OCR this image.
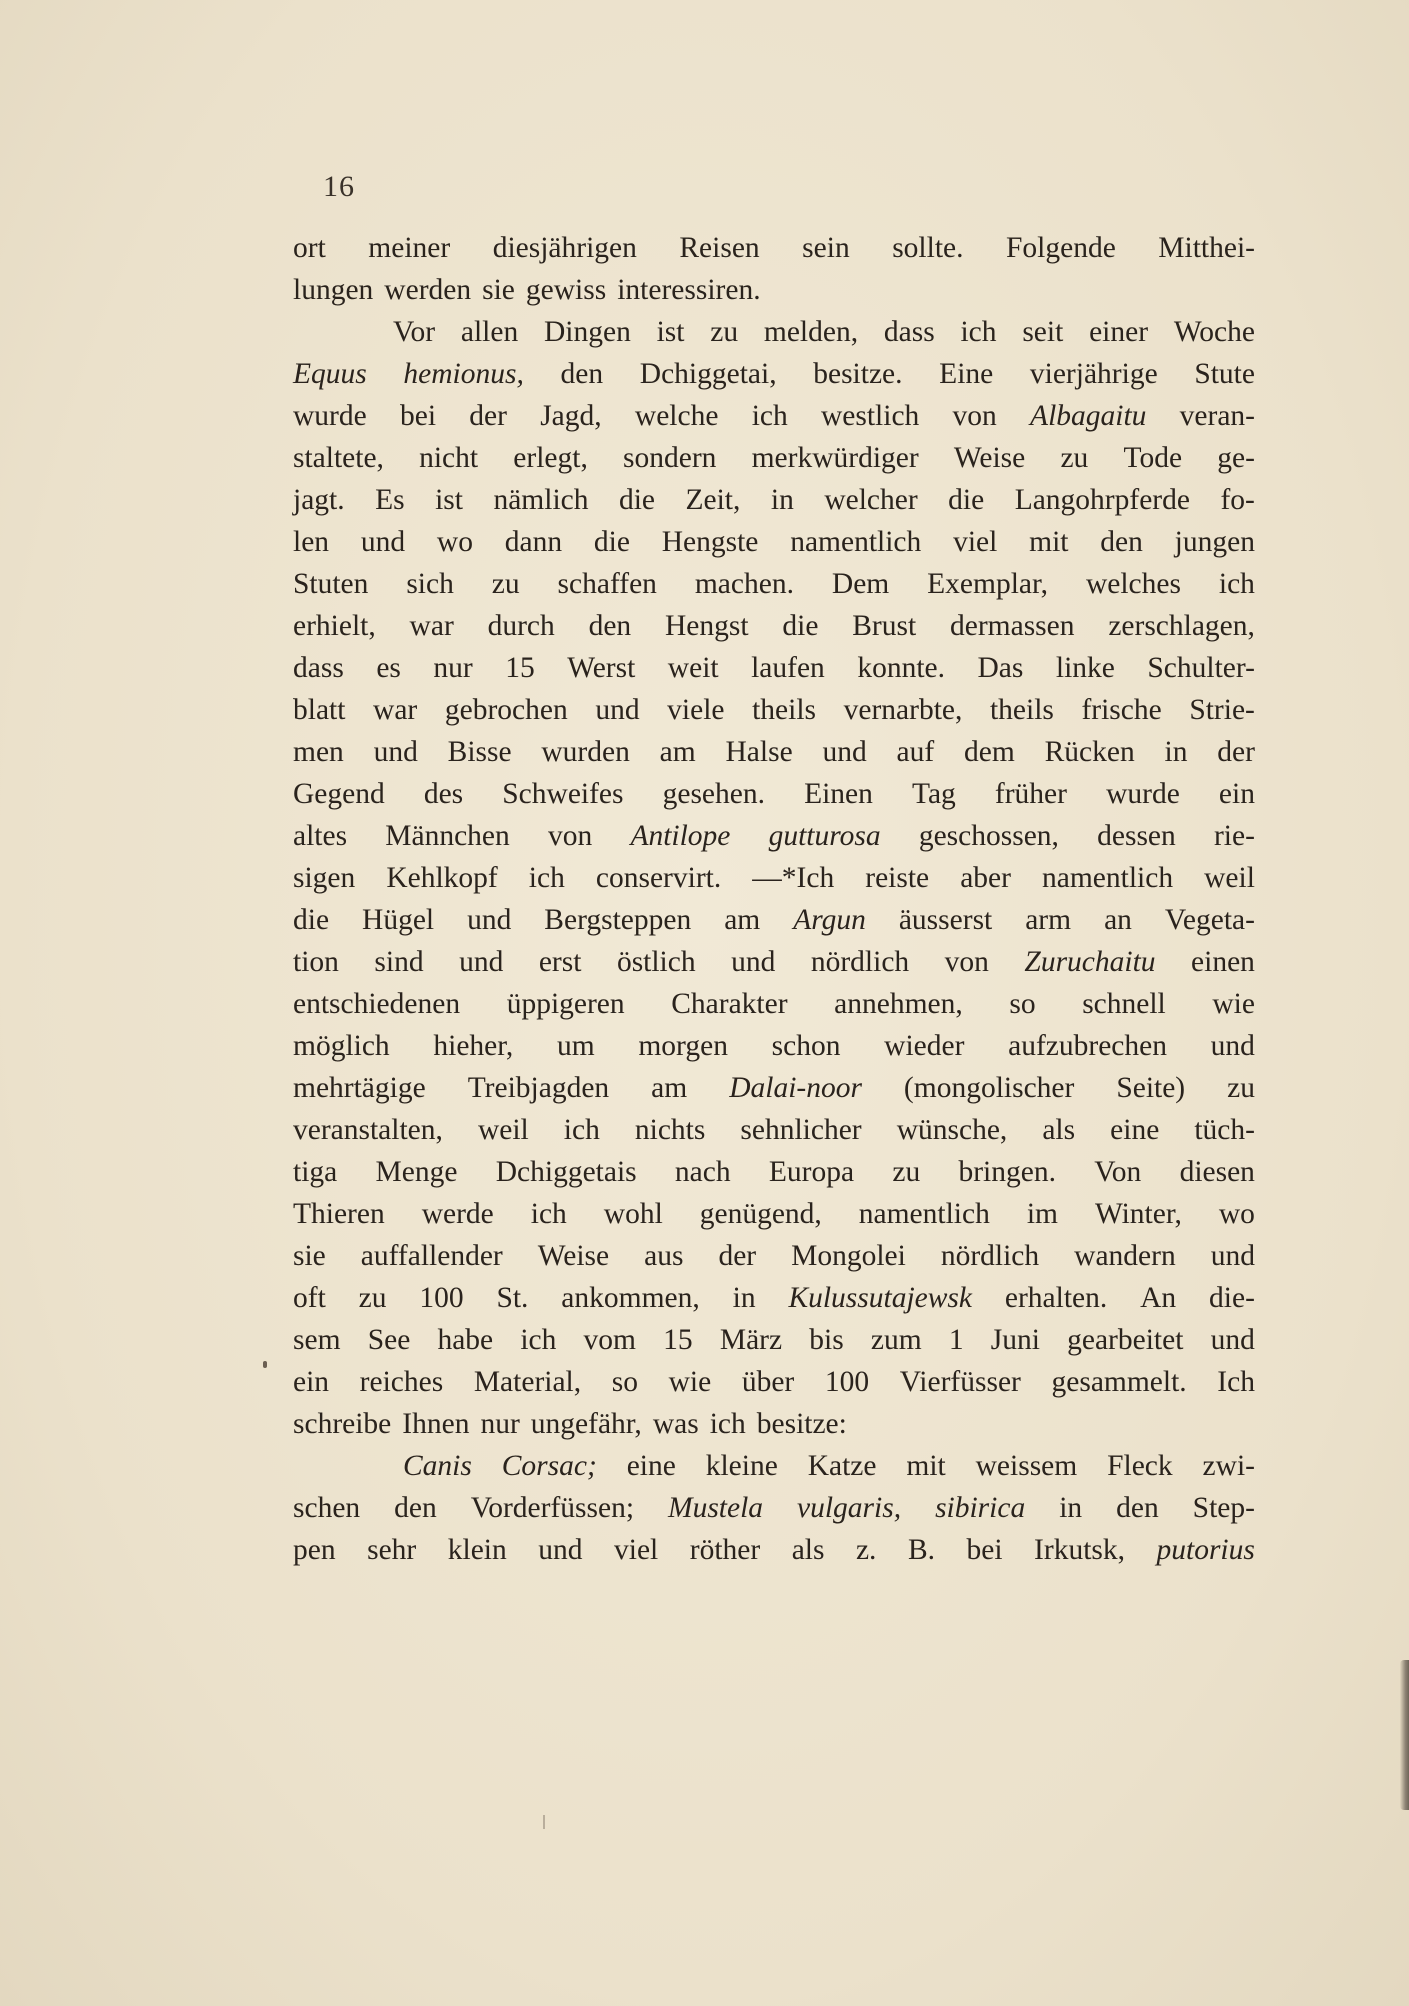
16
ort meiner diesjährigen Reisen sein sollte. Folgende Mitthei-
lungen werden sie gewiss interessiren.
Vor allen Dingen ist zu melden, dass ich seit einer Woche
Equus hemionus, den Dchiggetai, besitze. Eine vierjährige Stute
wurde bei der Jagd, welche ich westlich von Albagaitu veran-
staltete, nicht erlegt, sondern merkwürdiger Weise zu Tode ge-
jagt. Es ist nämlich die Zeit, in welcher die Langohrpferde fo-
len und wo dann die Hengste namentlich viel mit den jungen
Stuten sich zu schaffen machen. Dem Exemplar, welches ich
erhielt, war durch den Hengst die Brust dermassen zerschlagen,
dass es nur 15 Werst weit laufen konnte. Das linke Schulter-
blatt war gebrochen und viele theils vernarbte, theils frische Strie-
men und Bisse wurden am Halse und auf dem Rücken in der
Gegend des Schweifes gesehen. Einen Tag früher wurde ein
altes Männchen von Antilope gutturosa geschossen, dessen rie-
sigen Kehlkopf ich conservirt. —*Ich reiste aber namentlich weil
die Hügel und Bergsteppen am Argun äusserst arm an Vegeta-
tion sind und erst östlich und nördlich von Zuruchaitu einen
entschiedenen üppigeren Charakter annehmen, so schnell wie
möglich hieher, um morgen schon wieder aufzubrechen und
mehrtägige Treibjagden am Dalai-noor (mongolischer Seite) zu
veranstalten, weil ich nichts sehnlicher wünsche, als eine tüch-
tiga Menge Dchiggetais nach Europa zu bringen. Von diesen
Thieren werde ich wohl genügend, namentlich im Winter, wo
sie auffallender Weise aus der Mongolei nördlich wandern und
oft zu 100 St. ankommen, in Kulussutajewsk erhalten. An die-
sem See habe ich vom 15 März bis zum 1 Juni gearbeitet und
ein reiches Material, so wie über 100 Vierfüsser gesammelt. Ich
schreibe Ihnen nur ungefähr, was ich besitze:
Canis Corsac; eine kleine Katze mit weissem Fleck zwi-
schen den Vorderfüssen; Mustela vulgaris, sibirica in den Step-
pen sehr klein und viel röther als z. B. bei Irkutsk, putorius
